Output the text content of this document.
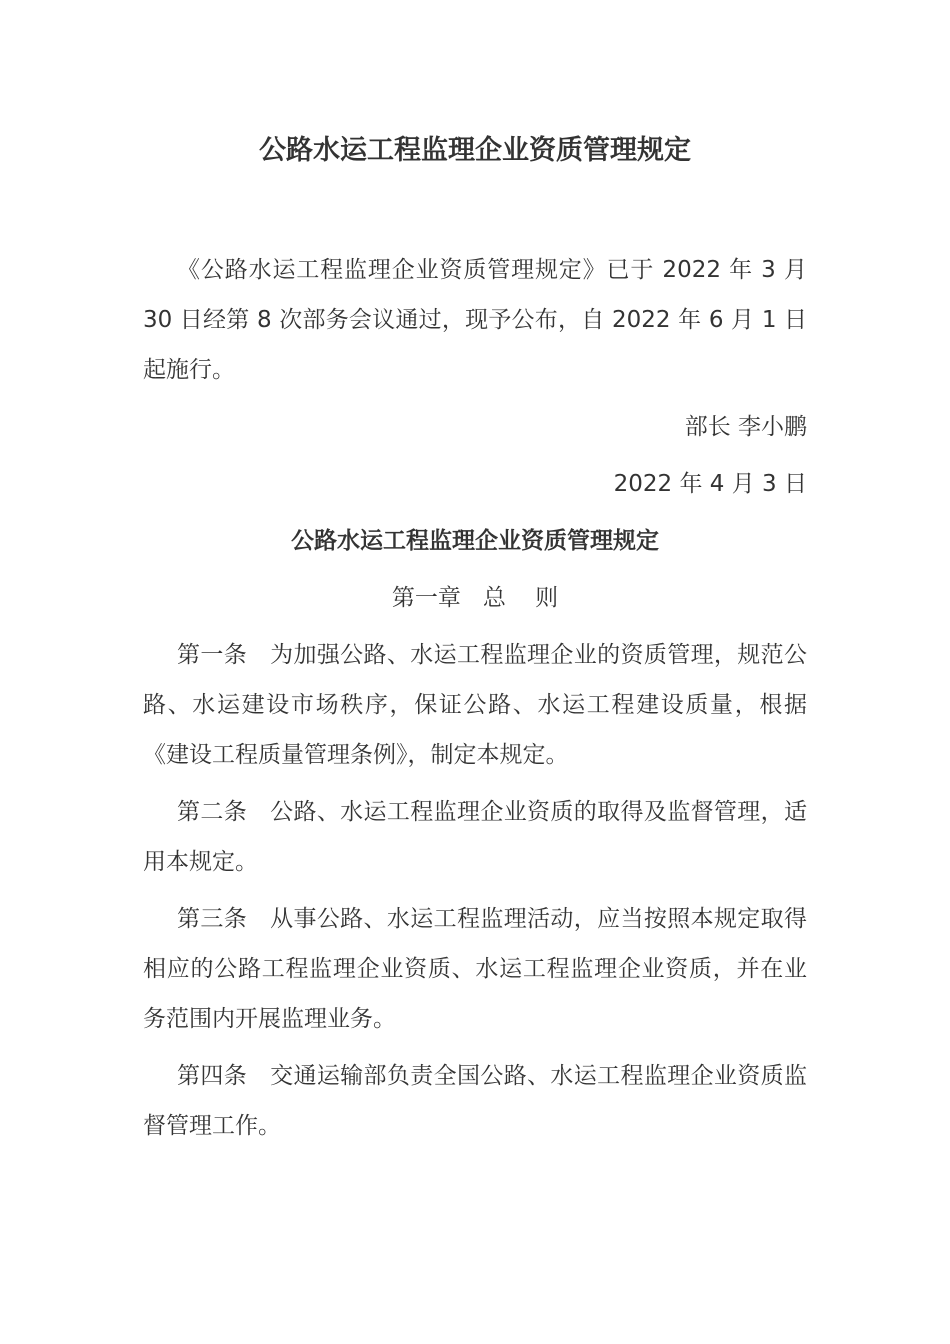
公路水运工程监理企业资质管理规定

《公路水运工程监理企业资质管理规定》已于 2022 年 3 月 30 日经第 8 次部务会议通过，现予公布，自 2022 年 6 月 1 日起施行。

部长 李小鹏

2022 年 4 月 3 日

公路水运工程监理企业资质管理规定

第一章   总    则

第一条 为加强公路、水运工程监理企业的资质管理，规范公路、水运建设市场秩序，保证公路、水运工程建设质量，根据《建设工程质量管理条例》，制定本规定。

第二条 公路、水运工程监理企业资质的取得及监督管理，适用本规定。

第三条 从事公路、水运工程监理活动，应当按照本规定取得相应的公路工程监理企业资质、水运工程监理企业资质，并在业务范围内开展监理业务。

第四条 交通运输部负责全国公路、水运工程监理企业资质监督管理工作。
